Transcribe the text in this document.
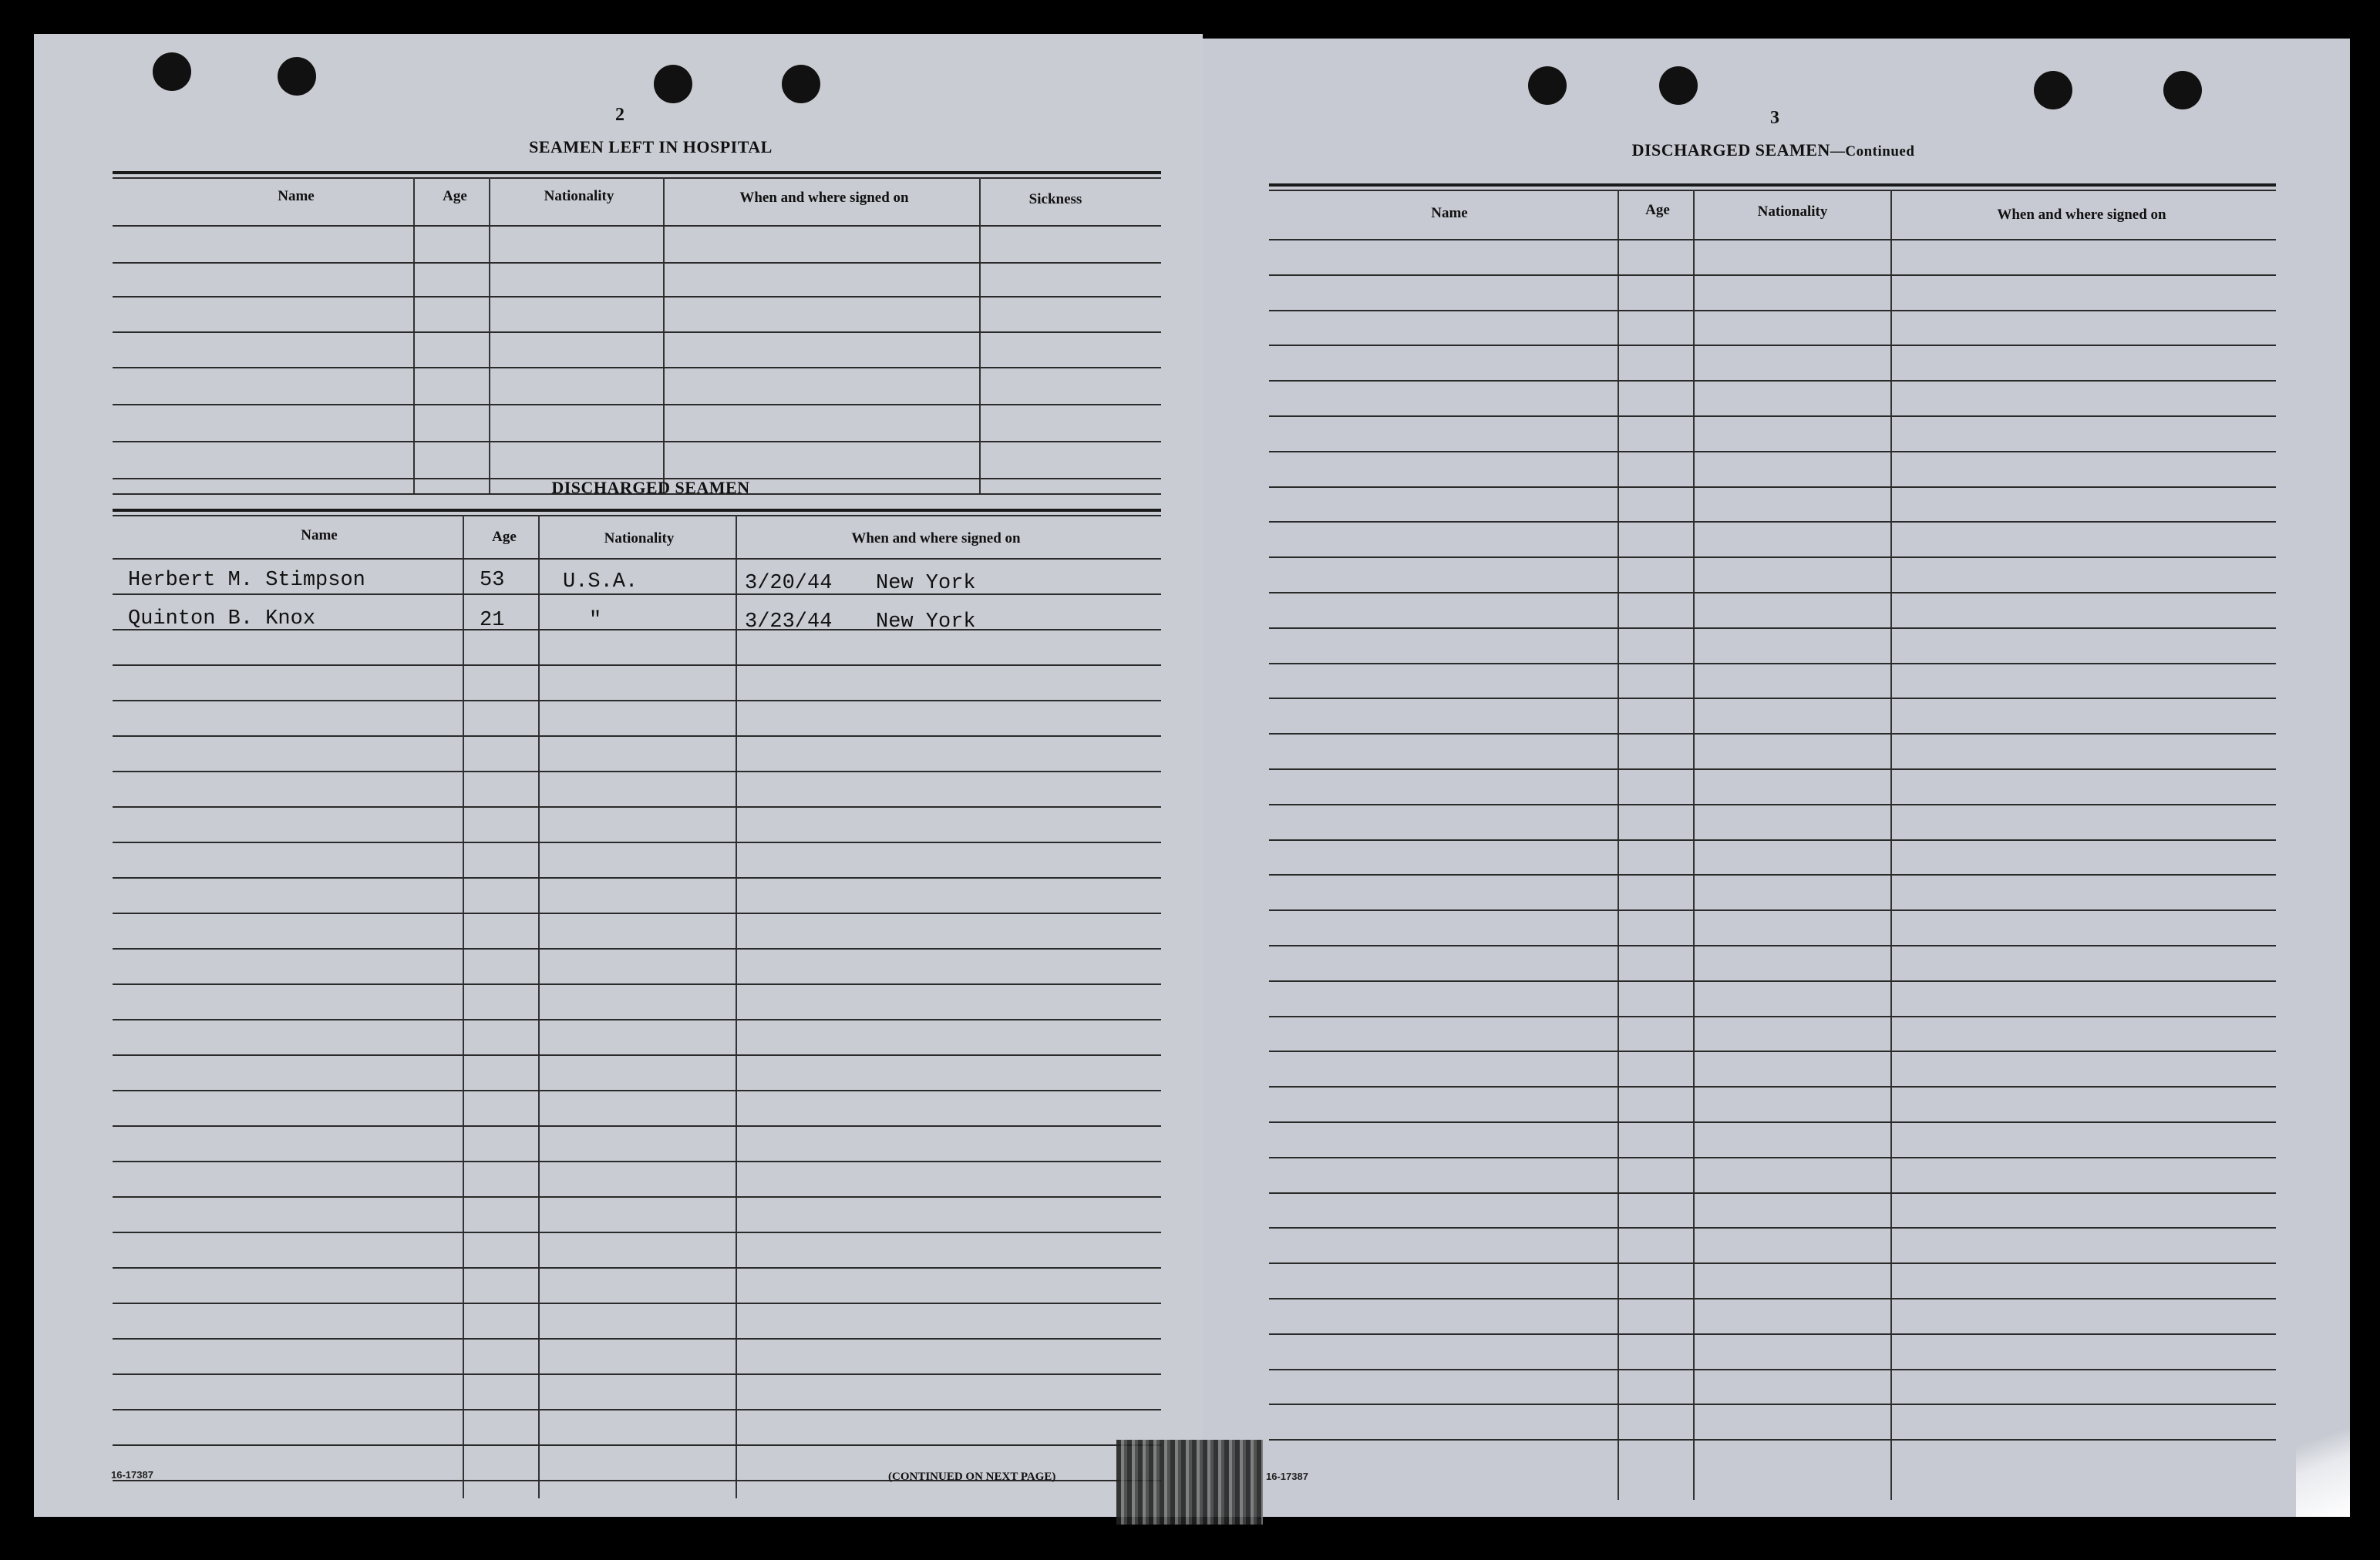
2
SEAMEN LEFT IN HOSPITAL
Name	Age	Nationality	When and where signed on	Sickness
DISCHARGED SEAMEN
Name	Age	Nationality	When and where signed on
Herbert M. Stimpson	53	U.S.A.	3/20/44 New York
Quinton B. Knox	21	"	3/23/44 New York
16-17387	(CONTINUED ON NEXT PAGE)
3
DISCHARGED SEAMEN—Continued
Name	Age	Nationality	When and where signed on
16-17387
